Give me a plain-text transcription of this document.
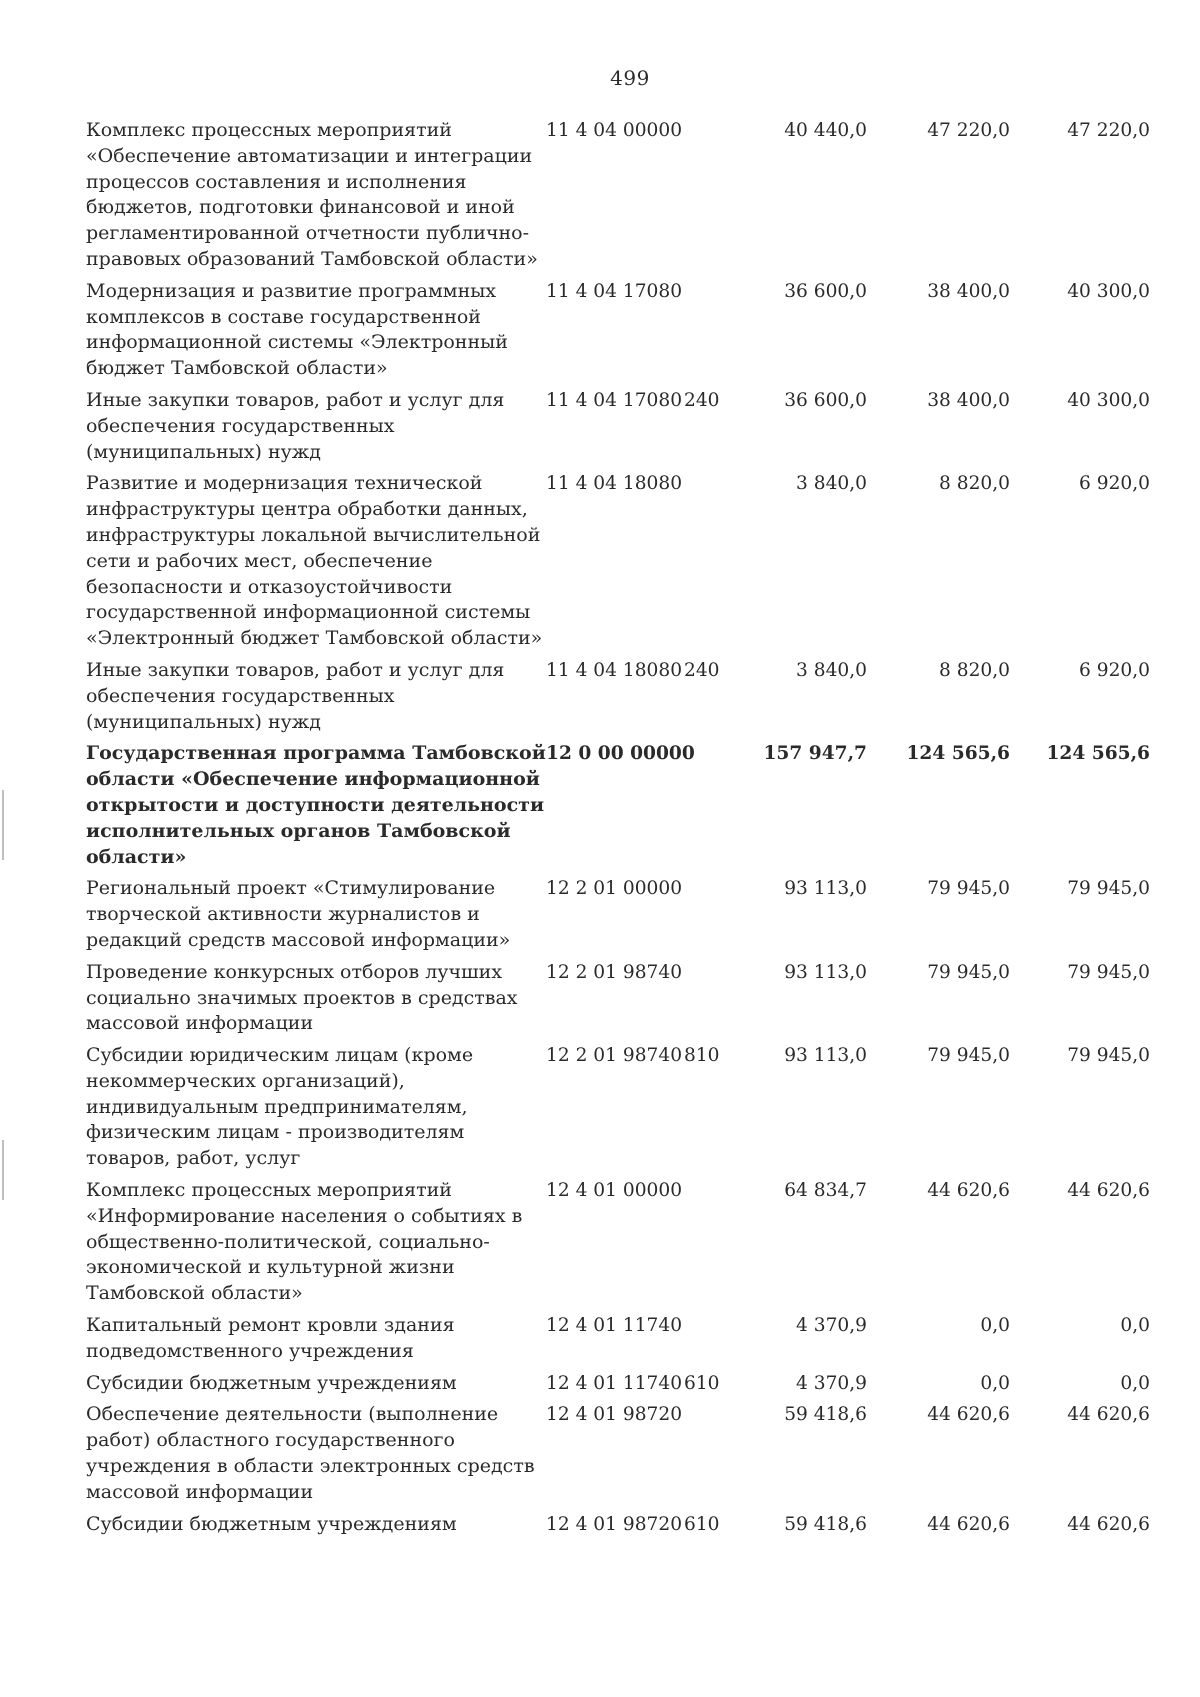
499
Комплекс процессных мероприятий «Обеспечение автоматизации и интеграции процессов составления и исполнения бюджетов, подготовки финансовой и иной регламентированной отчетности публично-правовых образований Тамбовской области»
11 4 04 00000	40 440,0	47 220,0	47 220,0
Модернизация и развитие программных комплексов в составе государственной информационной системы «Электронный бюджет Тамбовской области»
11 4 04 17080	36 600,0	38 400,0	40 300,0
Иные закупки товаров, работ и услуг для обеспечения государственных (муниципальных) нужд
11 4 04 17080 240	36 600,0	38 400,0	40 300,0
Развитие и модернизация технической инфраструктуры центра обработки данных, инфраструктуры локальной вычислительной сети и рабочих мест, обеспечение безопасности и отказоустойчивости государственной информационной системы «Электронный бюджет Тамбовской области»
11 4 04 18080	3 840,0	8 820,0	6 920,0
Иные закупки товаров, работ и услуг для обеспечения государственных (муниципальных) нужд
11 4 04 18080 240	3 840,0	8 820,0	6 920,0
Государственная программа Тамбовской области «Обеспечение информационной открытости и доступности деятельности исполнительных органов Тамбовской области»
12 0 00 00000	157 947,7	124 565,6	124 565,6
Региональный проект «Стимулирование творческой активности журналистов и редакций средств массовой информации»
12 2 01 00000	93 113,0	79 945,0	79 945,0
Проведение конкурсных отборов лучших социально значимых проектов в средствах массовой информации
12 2 01 98740	93 113,0	79 945,0	79 945,0
Субсидии юридическим лицам (кроме некоммерческих организаций), индивидуальным предпринимателям, физическим лицам - производителям товаров, работ, услуг
12 2 01 98740 810	93 113,0	79 945,0	79 945,0
Комплекс процессных мероприятий «Информирование населения о событиях в общественно-политической, социально-экономической и культурной жизни Тамбовской области»
12 4 01 00000	64 834,7	44 620,6	44 620,6
Капитальный ремонт кровли здания подведомственного учреждения
12 4 01 11740	4 370,9	0,0	0,0
Субсидии бюджетным учреждениям	12 4 01 11740 610	4 370,9	0,0	0,0
Обеспечение деятельности (выполнение работ) областного государственного учреждения в области электронных средств массовой информации
12 4 01 98720	59 418,6	44 620,6	44 620,6
Субсидии бюджетным учреждениям	12 4 01 98720 610	59 418,6	44 620,6	44 620,6
